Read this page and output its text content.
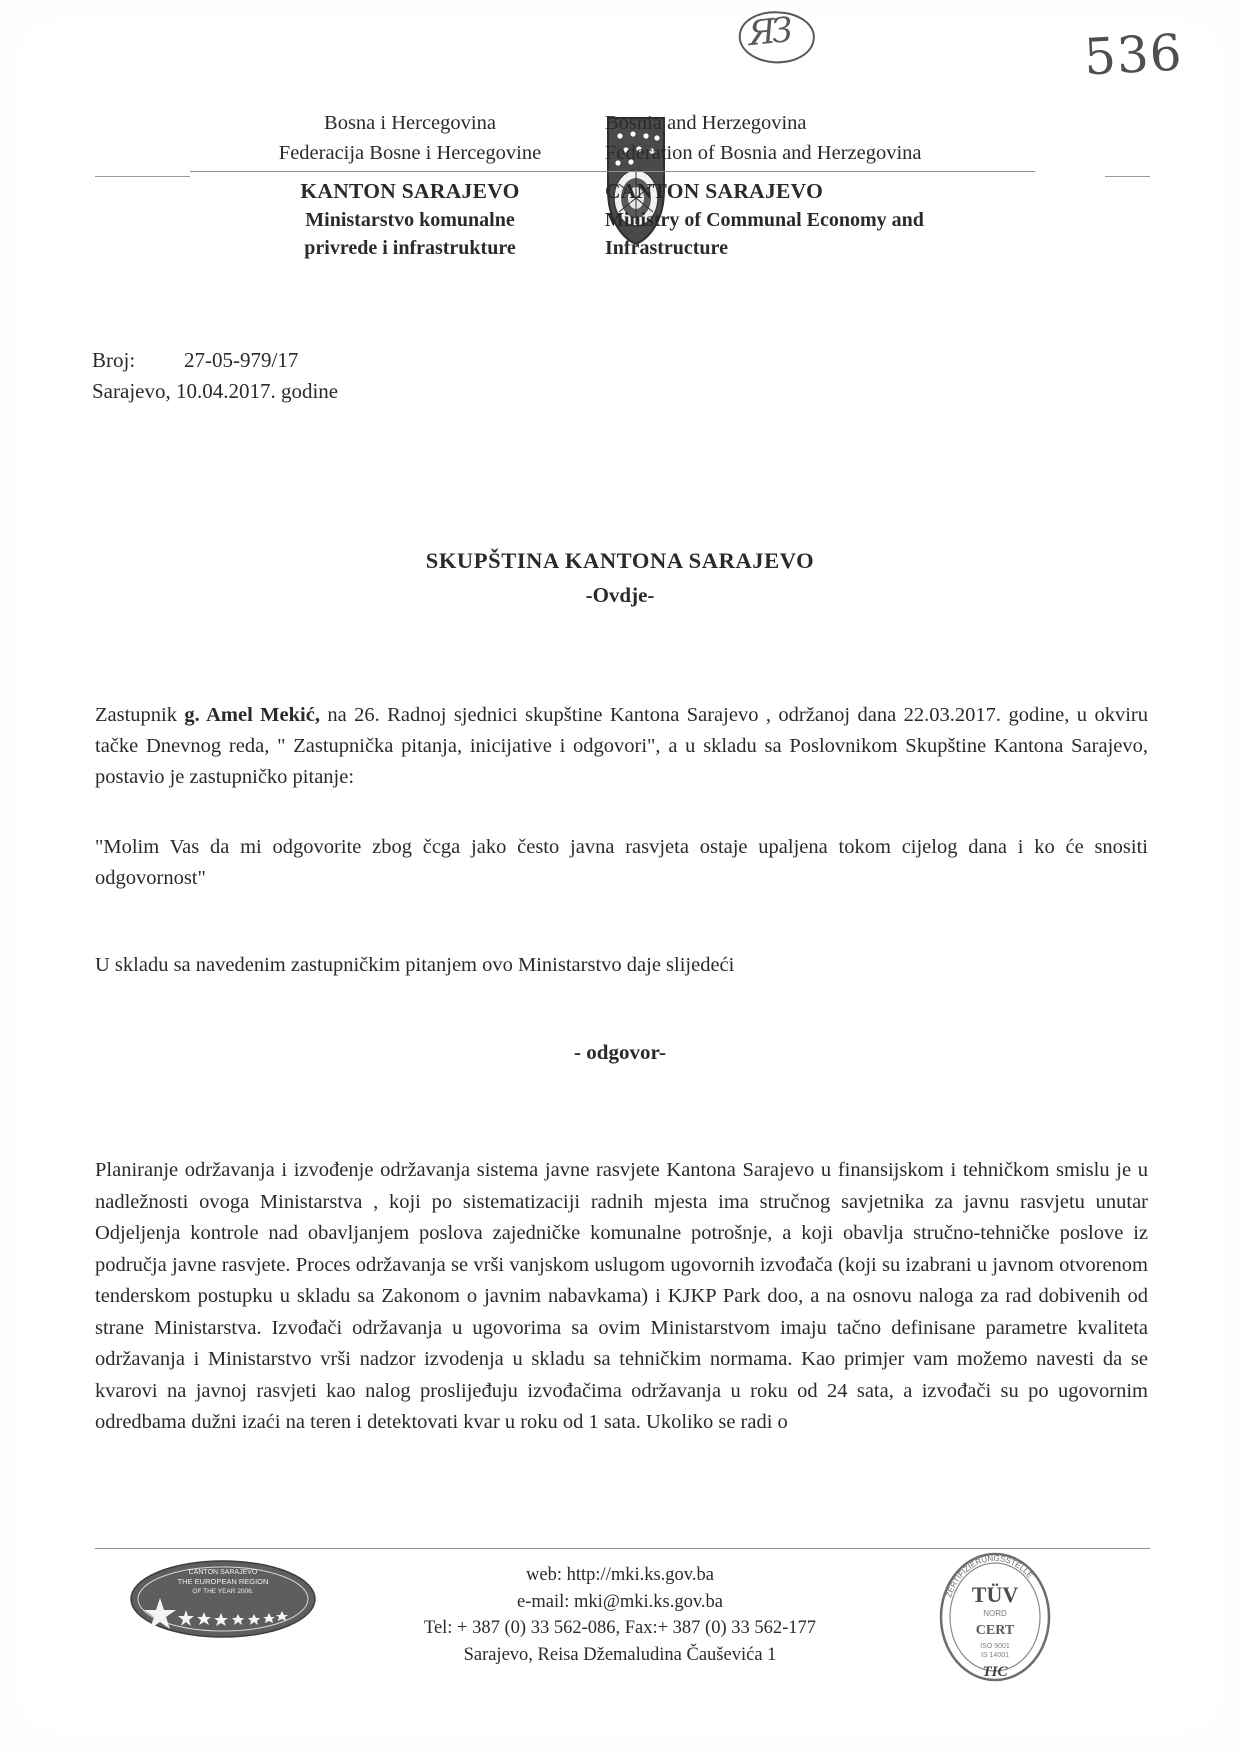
ЯЗ	536
Bosna i Hercegovina
Federacija Bosne i Hercegovine
KANTON SARAJEVO
Ministarstvo komunalne
privrede i infrastrukture
Bosnia and Herzegovina
Federation of Bosnia and Herzegovina
CANTON SARAJEVO
Ministry of Communal Economy and
Infrastructure
Broj: 27-05-979/17
Sarajevo, 10.04.2017. godine
SKUPŠTINA KANTONA SARAJEVO
-Ovdje-
Zastupnik g. Amel Mekić, na 26. Radnoj sjednici skupštine Kantona Sarajevo , održanoj dana 22.03.2017. godine, u okviru tačke Dnevnog reda, " Zastupnička pitanja, inicijative i odgovori", a u skladu sa Poslovnikom Skupštine Kantona Sarajevo, postavio je zastupničko pitanje:
"Molim Vas da mi odgovorite zbog čcga jako često javna rasvjeta ostaje upaljena tokom cijelog dana i ko će snositi odgovornost"
U skladu sa navedenim zastupničkim pitanjem ovo Ministarstvo daje slijedeći
- odgovor-
Planiranje održavanja i izvođenje održavanja sistema javne rasvjete Kantona Sarajevo u finansijskom i tehničkom smislu je u nadležnosti ovoga Ministarstva , koji po sistematizaciji radnih mjesta ima stručnog savjetnika za javnu rasvjetu unutar Odjeljenja kontrole nad obavljanjem poslova zajedničke komunalne potrošnje, a koji obavlja stručno-tehničke poslove iz područja javne rasvjete. Proces održavanja se vrši vanjskom uslugom ugovornih izvođača (koji su izabrani u javnom otvorenom tenderskom postupku u skladu sa Zakonom o javnim nabavkama) i KJKP Park doo, a na osnovu naloga za rad dobivenih od strane Ministarstva. Izvođači održavanja u ugovorima sa ovim Ministarstvom imaju tačno definisane parametre kvaliteta održavanja i Ministarstvo vrši nadzor izvodenja u skladu sa tehničkim normama. Kao primjer vam možemo navesti da se kvarovi na javnoj rasvjeti kao nalog proslijeđuju izvođačima održavanja u roku od 24 sata, a izvođači su po ugovornim odredbama dužni izaći na teren i detektovati kvar u roku od 1 sata. Ukoliko se radi o
CANTON SARAJEVO
THE EUROPEAN REGION
OF THE YEAR 2006.
web: http://mki.ks.gov.ba
e-mail: mki@mki.ks.gov.ba
Tel: + 387 (0) 33 562-086, Fax:+ 387 (0) 33 562-177
Sarajevo, Reisa Džemaludina Čauševića 1
ZERTIFIZIERUNGSSTELLE
TÜV
NORD
CERT
ISO 9001
IS 14001
TIC
